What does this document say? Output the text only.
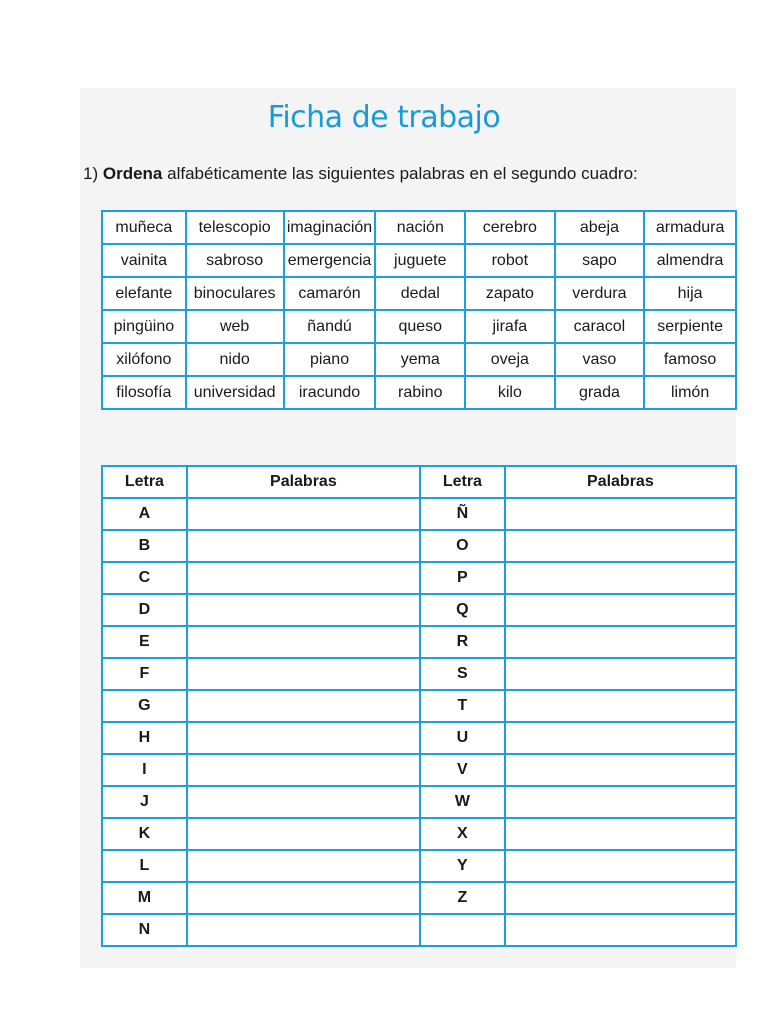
Ficha de trabajo
1) Ordena alfabéticamente las siguientes palabras en el segundo cuadro:
muñeca	telescopio	imaginación	nación	cerebro	abeja	armadura
vainita	sabroso	emergencia	juguete	robot	sapo	almendra
elefante	binoculares	camarón	dedal	zapato	verdura	hija
pingüino	web	ñandú	queso	jirafa	caracol	serpiente
xilófono	nido	piano	yema	oveja	vaso	famoso
filosofía	universidad	iracundo	rabino	kilo	grada	limón
Letra	Palabras	Letra	Palabras
A		Ñ	
B		O	
C		P	
D		Q	
E		R	
F		S	
G		T	
H		U	
I		V	
J		W	
K		X	
L		Y	
M		Z	
N			
